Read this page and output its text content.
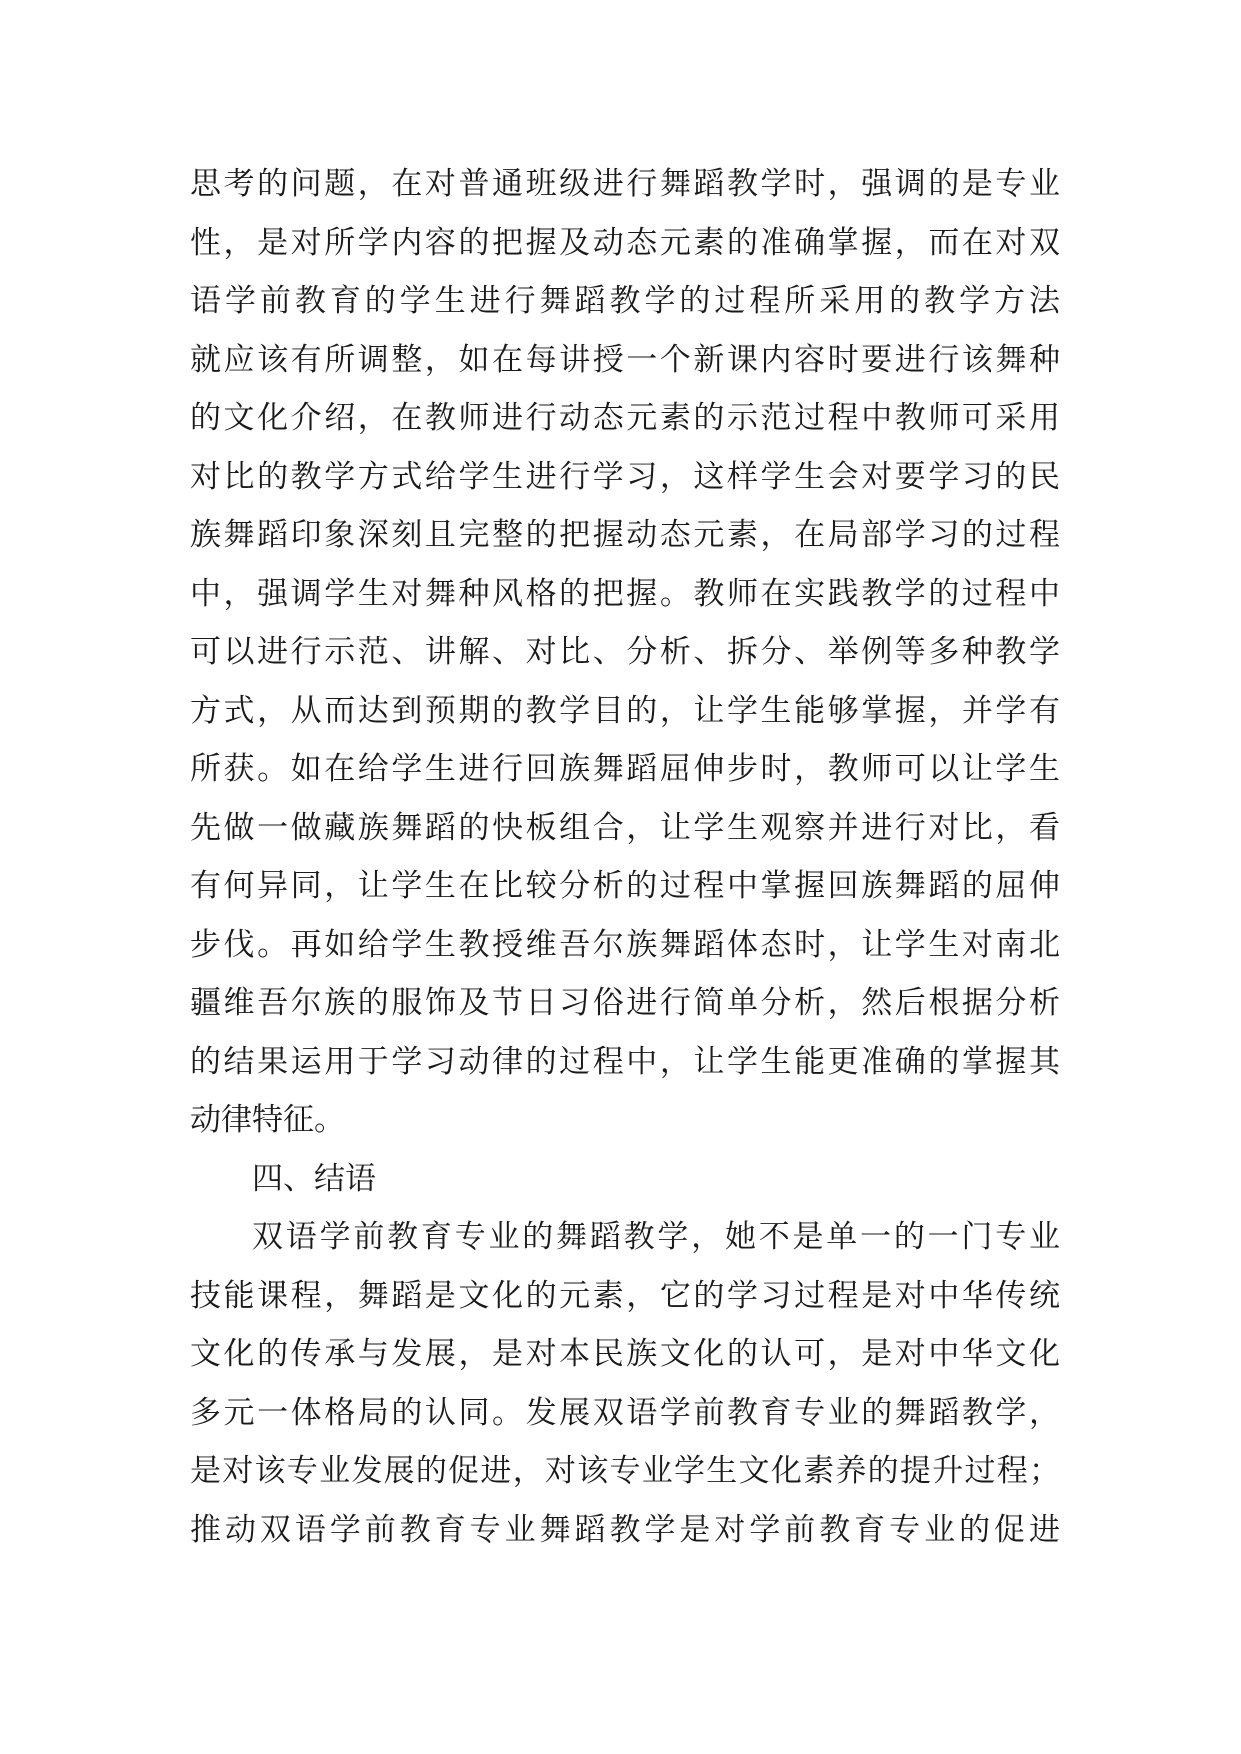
思考的问题，在对普通班级进行舞蹈教学时，强调的是专业
性，是对所学内容的把握及动态元素的准确掌握，而在对双
语学前教育的学生进行舞蹈教学的过程所采用的教学方法
就应该有所调整，如在每讲授一个新课内容时要进行该舞种
的文化介绍，在教师进行动态元素的示范过程中教师可采用
对比的教学方式给学生进行学习，这样学生会对要学习的民
族舞蹈印象深刻且完整的把握动态元素，在局部学习的过程
中，强调学生对舞种风格的把握。教师在实践教学的过程中
可以进行示范、讲解、对比、分析、拆分、举例等多种教学
方式，从而达到预期的教学目的，让学生能够掌握，并学有
所获。如在给学生进行回族舞蹈屈伸步时，教师可以让学生
先做一做藏族舞蹈的快板组合，让学生观察并进行对比，看
有何异同，让学生在比较分析的过程中掌握回族舞蹈的屈伸
步伐。再如给学生教授维吾尔族舞蹈体态时，让学生对南北
疆维吾尔族的服饰及节日习俗进行简单分析，然后根据分析
的结果运用于学习动律的过程中，让学生能更准确的掌握其
动律特征。
四、结语
双语学前教育专业的舞蹈教学，她不是单一的一门专业
技能课程，舞蹈是文化的元素，它的学习过程是对中华传统
文化的传承与发展，是对本民族文化的认可，是对中华文化
多元一体格局的认同。发展双语学前教育专业的舞蹈教学，
是对该专业发展的促进，对该专业学生文化素养的提升过程；
推动双语学前教育专业舞蹈教学是对学前教育专业的促进
